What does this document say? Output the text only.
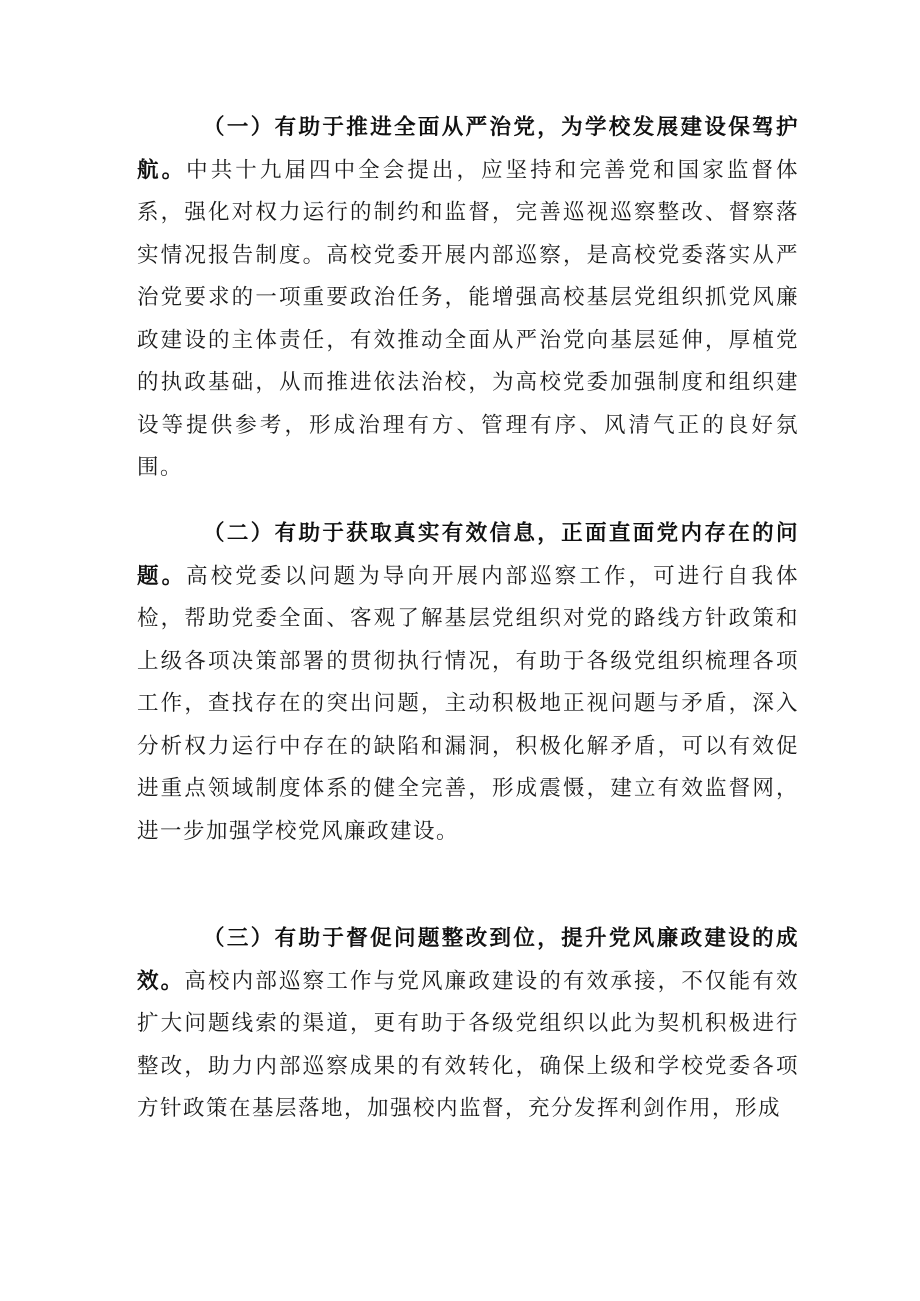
（一）有助于推进全面从严治党，为学校发展建设保驾护航。中共十九届四中全会提出，应坚持和完善党和国家监督体系，强化对权力运行的制约和监督，完善巡视巡察整改、督察落实情况报告制度。高校党委开展内部巡察，是高校党委落实从严治党要求的一项重要政治任务，能增强高校基层党组织抓党风廉政建设的主体责任，有效推动全面从严治党向基层延伸，厚植党的执政基础，从而推进依法治校，为高校党委加强制度和组织建设等提供参考，形成治理有方、管理有序、风清气正的良好氛围。

（二）有助于获取真实有效信息，正面直面党内存在的问题。高校党委以问题为导向开展内部巡察工作，可进行自我体检，帮助党委全面、客观了解基层党组织对党的路线方针政策和上级各项决策部署的贯彻执行情况，有助于各级党组织梳理各项工作，查找存在的突出问题，主动积极地正视问题与矛盾，深入分析权力运行中存在的缺陷和漏洞，积极化解矛盾，可以有效促进重点领域制度体系的健全完善，形成震慑，建立有效监督网，进一步加强学校党风廉政建设。

（三）有助于督促问题整改到位，提升党风廉政建设的成效。高校内部巡察工作与党风廉政建设的有效承接，不仅能有效扩大问题线索的渠道，更有助于各级党组织以此为契机积极进行整改，助力内部巡察成果的有效转化，确保上级和学校党委各项方针政策在基层落地，加强校内监督，充分发挥利剑作用，形成
